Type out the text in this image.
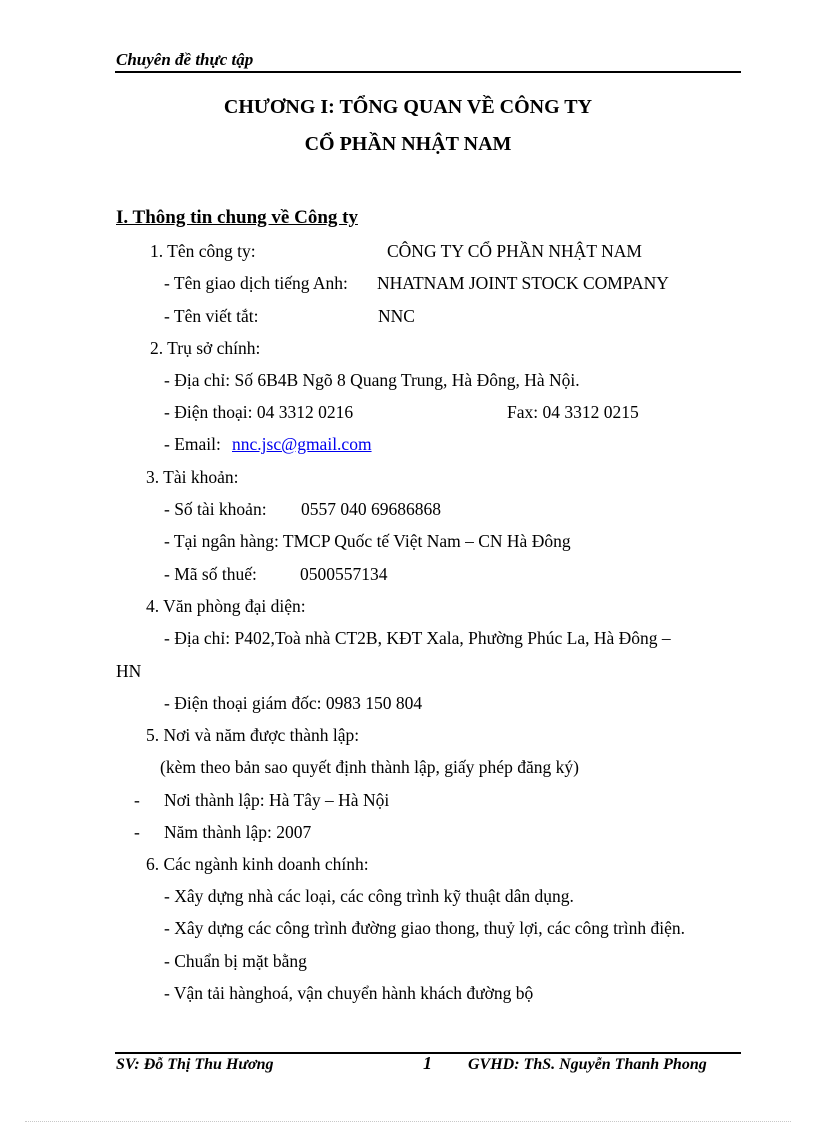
Chuyên đề thực tập
CHƯƠNG I: TỔNG QUAN VỀ CÔNG TY
CỔ PHẦN NHẬT NAM
I. Thông tin chung về Công ty
1. Tên công ty:	CÔNG TY CỔ PHẦN NHẬT NAM
- Tên giao dịch tiếng Anh: NHATNAM JOINT STOCK COMPANY
- Tên viết tắt:	NNC
2. Trụ sở chính:
- Địa chỉ: Số 6B4B Ngõ 8 Quang Trung, Hà Đông, Hà Nội.
- Điện thoại: 04 3312 0216	Fax: 04 3312 0215
- Email: nnc.jsc@gmail.com
3. Tài khoản:
- Số tài khoản: 0557 040 69686868
- Tại ngân hàng: TMCP Quốc tế Việt Nam – CN Hà Đông
- Mã số thuế: 0500557134
4. Văn phòng đại diện:
- Địa chỉ: P402,Toà nhà CT2B, KĐT Xala, Phường Phúc La, Hà Đông –
HN
- Điện thoại giám đốc: 0983 150 804
5. Nơi và năm được thành lập:
(kèm theo bản sao quyết định thành lập, giấy phép đăng ký)
- Nơi thành lập: Hà Tây – Hà Nội
- Năm thành lập: 2007
6. Các ngành kinh doanh chính:
- Xây dựng nhà các loại, các công trình kỹ thuật dân dụng.
- Xây dựng các công trình đường giao thong, thuỷ lợi, các công trình điện.
- Chuẩn bị mặt bằng
- Vận tải hànghoá, vận chuyển hành khách đường bộ
SV: Đỗ Thị Thu Hương	1 GVHD: ThS. Nguyễn Thanh Phong
